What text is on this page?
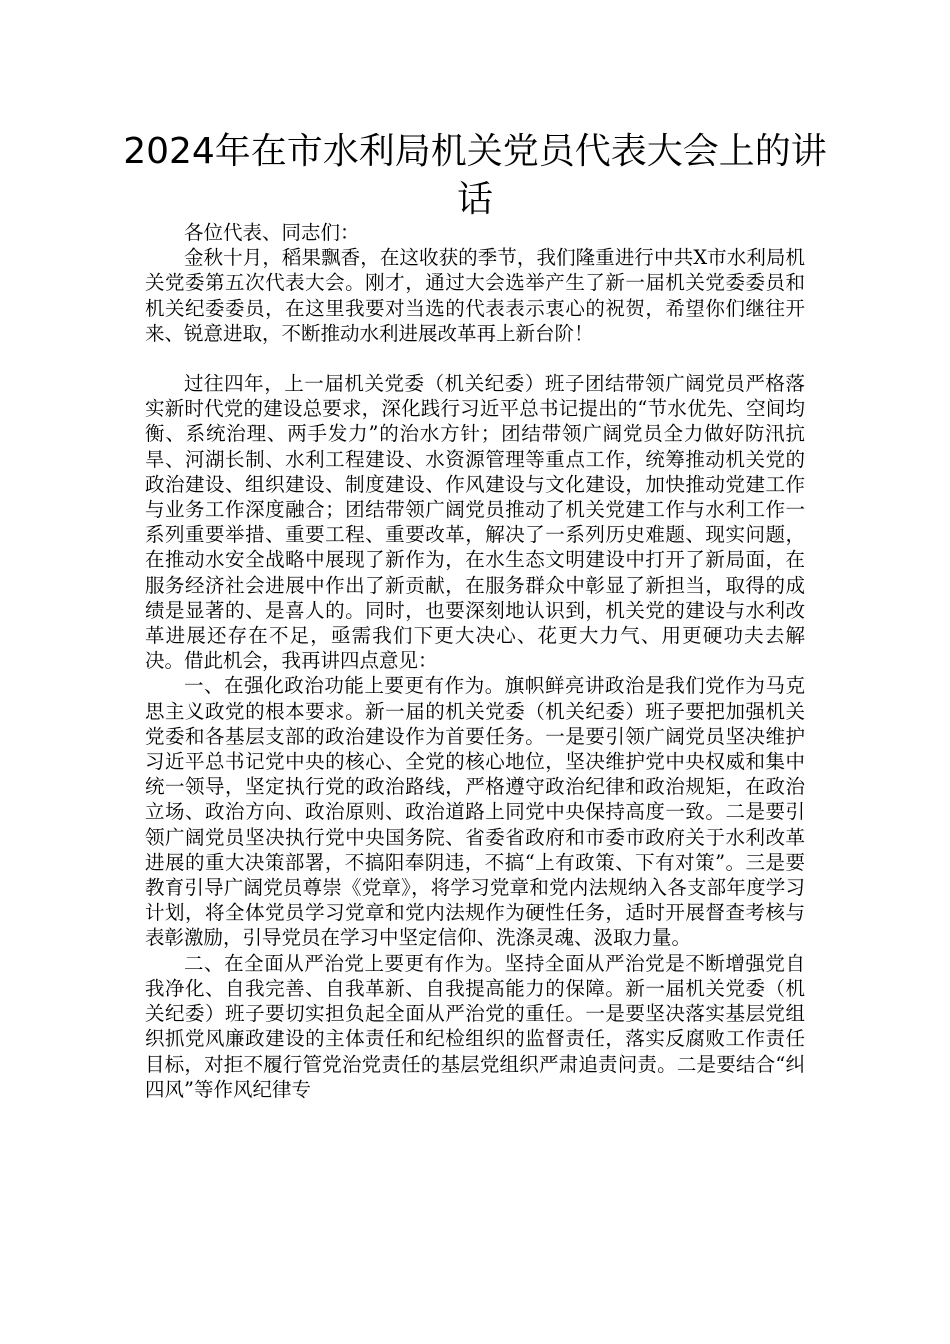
2024年在市水利局机关党员代表大会上的讲话

各位代表、同志们：

金秋十月，稻果飘香，在这收获的季节，我们隆重进行中共X市水利局机关党委第五次代表大会。刚才，通过大会选举产生了新一届机关党委委员和机关纪委委员，在这里我要对当选的代表表示衷心的祝贺，希望你们继往开来、锐意进取，不断推动水利进展改革再上新台阶！

过往四年，上一届机关党委（机关纪委）班子团结带领广阔党员严格落实新时代党的建设总要求，深化践行习近平总书记提出的“节水优先、空间均衡、系统治理、两手发力”的治水方针；团结带领广阔党员全力做好防汛抗旱、河湖长制、水利工程建设、水资源管理等重点工作，统筹推动机关党的政治建设、组织建设、制度建设、作风建设与文化建设，加快推动党建工作与业务工作深度融合；团结带领广阔党员推动了机关党建工作与水利工作一系列重要举措、重要工程、重要改革，解决了一系列历史难题、现实问题，在推动水安全战略中展现了新作为，在水生态文明建设中打开了新局面，在服务经济社会进展中作出了新贡献，在服务群众中彰显了新担当，取得的成绩是显著的、是喜人的。同时，也要深刻地认识到，机关党的建设与水利改革进展还存在不足，亟需我们下更大决心、花更大力气、用更硬功夫去解决。借此机会，我再讲四点意见：

一、在强化政治功能上要更有作为。旗帜鲜亮讲政治是我们党作为马克思主义政党的根本要求。新一届的机关党委（机关纪委）班子要把加强机关党委和各基层支部的政治建设作为首要任务。一是要引领广阔党员坚决维护习近平总书记党中央的核心、全党的核心地位，坚决维护党中央权威和集中统一领导，坚定执行党的政治路线，严格遵守政治纪律和政治规矩，在政治立场、政治方向、政治原则、政治道路上同党中央保持高度一致。二是要引领广阔党员坚决执行党中央国务院、省委省政府和市委市政府关于水利改革进展的重大决策部署，不搞阳奉阴违，不搞“上有政策、下有对策”。三是要教育引导广阔党员尊崇《党章》，将学习党章和党内法规纳入各支部年度学习计划，将全体党员学习党章和党内法规作为硬性任务，适时开展督查考核与表彰激励，引导党员在学习中坚定信仰、洗涤灵魂、汲取力量。

二、在全面从严治党上要更有作为。坚持全面从严治党是不断增强党自我净化、自我完善、自我革新、自我提高能力的保障。新一届机关党委（机关纪委）班子要切实担负起全面从严治党的重任。一是要坚决落实基层党组织抓党风廉政建设的主体责任和纪检组织的监督责任，落实反腐败工作责任目标，对拒不履行管党治党责任的基层党组织严肃追责问责。二是要结合“纠四风”等作风纪律专
